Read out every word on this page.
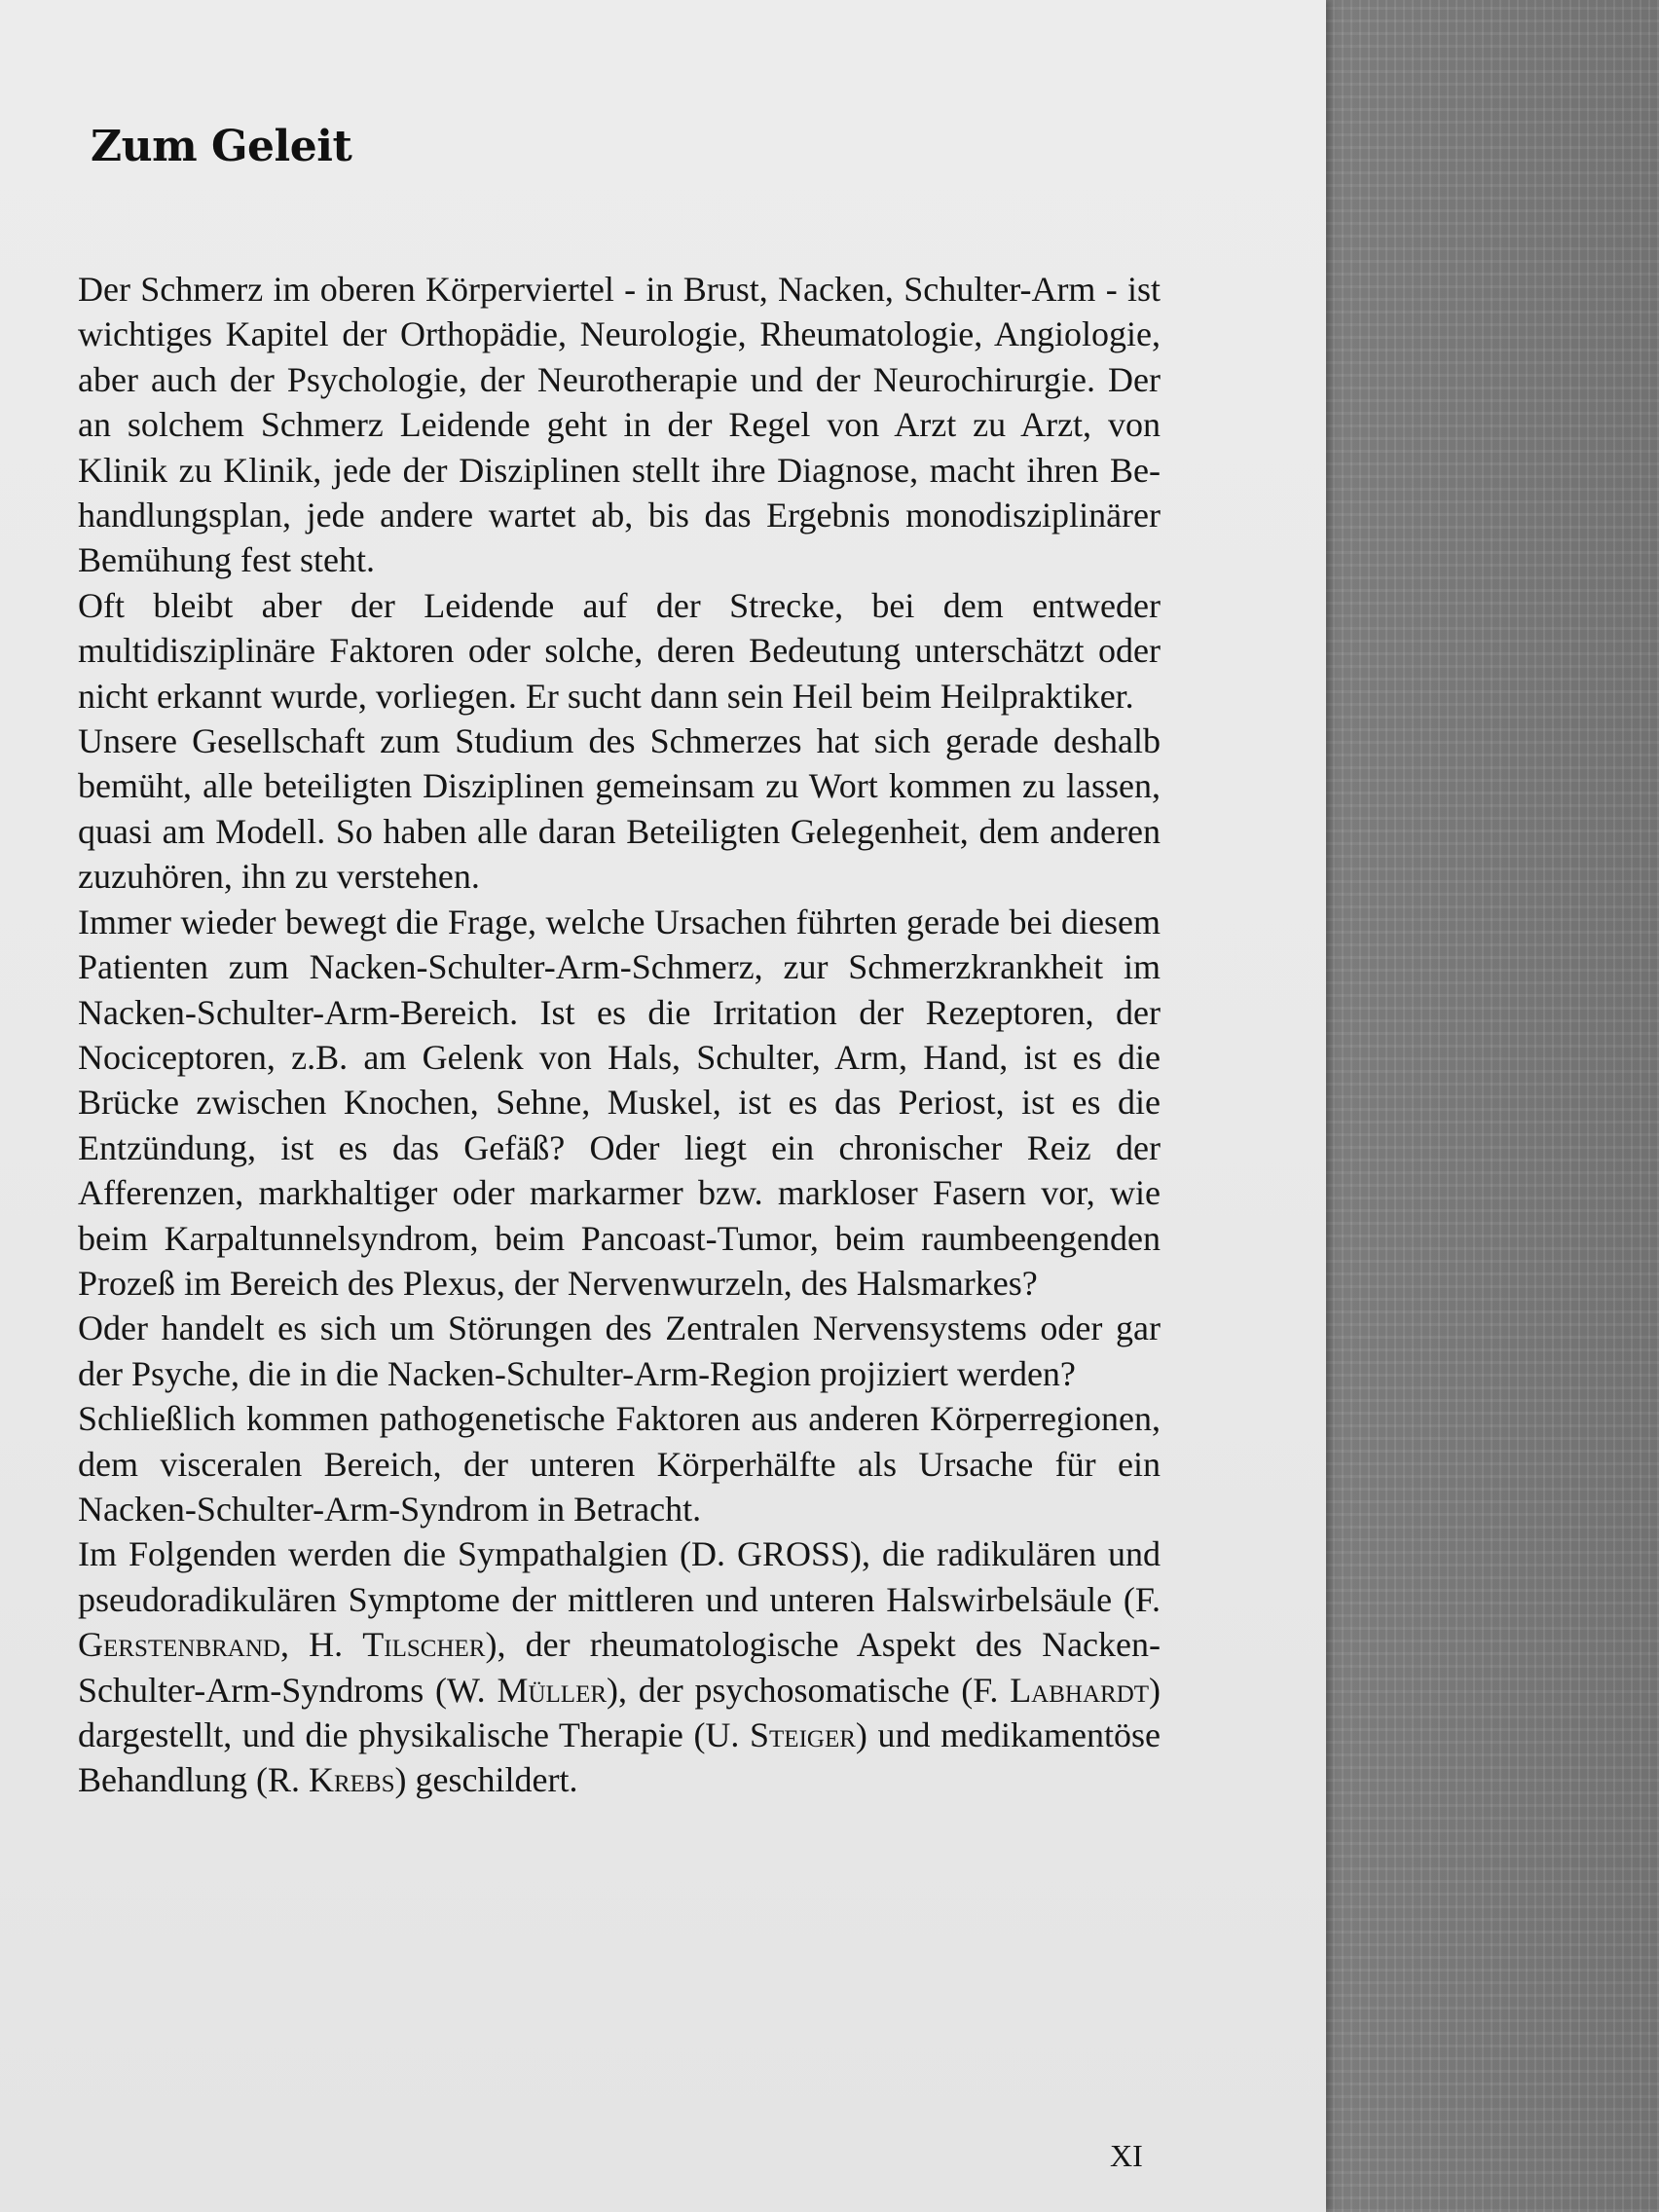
Zum Geleit

Der Schmerz im oberen Körperviertel - in Brust, Nacken, Schulter-Arm - ist wichtiges Kapitel der Orthopädie, Neurologie, Rheumatologie, Angiologie, aber auch der Psychologie, der Neurotherapie und der Neurochirurgie. Der an solchem Schmerz Leidende geht in der Regel von Arzt zu Arzt, von Klinik zu Klinik, jede der Disziplinen stellt ihre Diagnose, macht ihren Behandlungsplan, jede andere wartet ab, bis das Ergebnis monodisziplinärer Bemühung fest steht.

Oft bleibt aber der Leidende auf der Strecke, bei dem entweder multidisziplinäre Faktoren oder solche, deren Bedeutung unterschätzt oder nicht erkannt wurde, vorliegen. Er sucht dann sein Heil beim Heilpraktiker.

Unsere Gesellschaft zum Studium des Schmerzes hat sich gerade deshalb bemüht, alle beteiligten Disziplinen gemeinsam zu Wort kommen zu lassen, quasi am Modell. So haben alle daran Beteiligten Gelegenheit, dem anderen zuzuhören, ihn zu verstehen.

Immer wieder bewegt die Frage, welche Ursachen führten gerade bei diesem Patienten zum Nacken-Schulter-Arm-Schmerz, zur Schmerzkrankheit im Nacken-Schulter-Arm-Bereich. Ist es die Irritation der Rezeptoren, der Nociceptoren, z.B. am Gelenk von Hals, Schulter, Arm, Hand, ist es die Brücke zwischen Knochen, Sehne, Muskel, ist es das Periost, ist es die Entzündung, ist es das Gefäß? Oder liegt ein chronischer Reiz der Afferenzen, markhaltiger oder markarmer bzw. markloser Fasern vor, wie beim Karpaltunnelsyndrom, beim Pancoast-Tumor, beim raumbeengenden Prozeß im Bereich des Plexus, der Nervenwurzeln, des Halsmarkes?

Oder handelt es sich um Störungen des Zentralen Nervensystems oder gar der Psyche, die in die Nacken-Schulter-Arm-Region projiziert werden?

Schließlich kommen pathogenetische Faktoren aus anderen Körperregionen, dem visceralen Bereich, der unteren Körperhälfte als Ursache für ein Nacken-Schulter-Arm-Syndrom in Betracht.

Im Folgenden werden die Sympathalgien (D. GROSS), die radikulären und pseudoradikulären Symptome der mittleren und unteren Halswirbelsäule (F. Gerstenbrand, H. Tilscher), der rheumatologische Aspekt des Nacken-Schulter-Arm-Syndroms (W. Müller), der psychosomatische (F. Labhardt) dargestellt, und die physikalische Therapie (U. Steiger) und medikamentöse Behandlung (R. Krebs) geschildert.

XI
